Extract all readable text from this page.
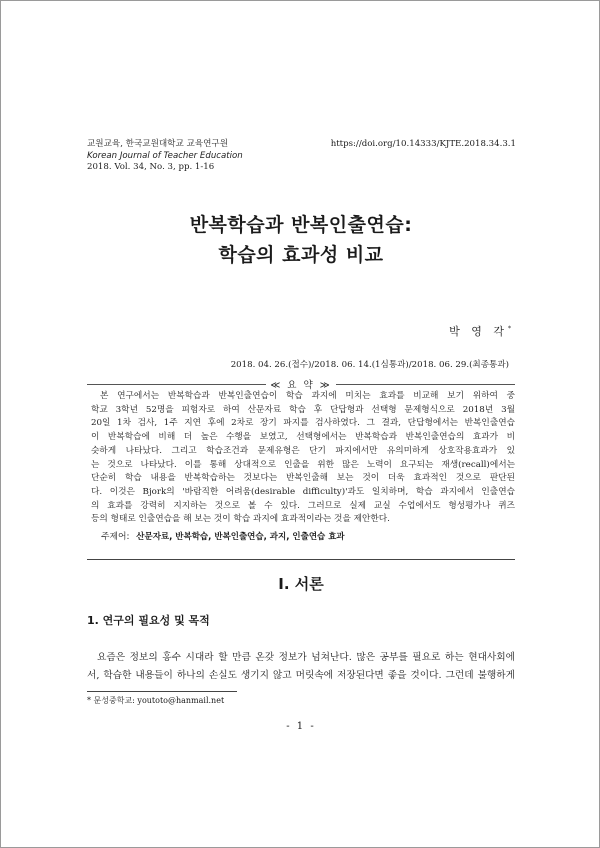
교원교육, 한국교원대학교 교육연구원
Korean Journal of Teacher Education
2018. Vol. 34, No. 3, pp. 1-16
https://doi.org/10.14333/KJTE.2018.34.3.1
반복학습과 반복인출연습:
학습의 효과성 비교
박 영 각*
2018. 04. 26.(접수)/2018. 06. 14.(1심통과)/2018. 06. 29.(최종통과)
≪ 요 약 ≫
본 연구에서는 반복학습과 반복인출연습이 학습 과지에 미치는 효과를 비교해 보기 위하여 중
학교 3학년 52명을 피험자로 하여 산문자료 학습 후 단답형과 선택형 문제형식으로 2018년 3월
20일 1차 검사, 1주 지연 후에 2차로 장기 파지를 검사하였다. 그 결과, 단답형에서는 반복인출연습
이 반복학습에 비해 더 높은 수행을 보였고, 선택형에서는 반복학습과 반복인출연습의 효과가 비
슷하게 나타났다. 그리고 학습조건과 문제유형은 단기 파지에서만 유의미하게 상호작용효과가 있
는 것으로 나타났다. 이를 통해 상대적으로 인출을 위한 많은 노력이 요구되는 재생(recall)에서는
단순히 학습 내용을 반복학습하는 것보다는 반복인출해 보는 것이 더욱 효과적인 것으로 판단된
다. 이것은 Bjork의 '바람직한 어려움(desirable difficulty)'과도 일치하며, 학습 과지에서 인출연습
의 효과를 강력히 지지하는 것으로 볼 수 있다. 그러므로 실제 교실 수업에서도 형성평가나 퀴즈
등의 형태로 인출연습을 해 보는 것이 학습 과지에 효과적이라는 것을 제안한다.
주제어: 산문자료, 반복학습, 반복인출연습, 과지, 인출연습 효과
Ⅰ. 서론
1. 연구의 필요성 및 목적
요즘은 정보의 홍수 시대라 할 만큼 온갖 정보가 넘쳐난다. 많은 공부를 필요로 하는 현대사회에
서, 학습한 내용들이 하나의 손실도 생기지 않고 머릿속에 저장된다면 좋을 것이다. 그런데 불행하게
* 문성중학교: youtoto@hanmail.net
- 1 -
